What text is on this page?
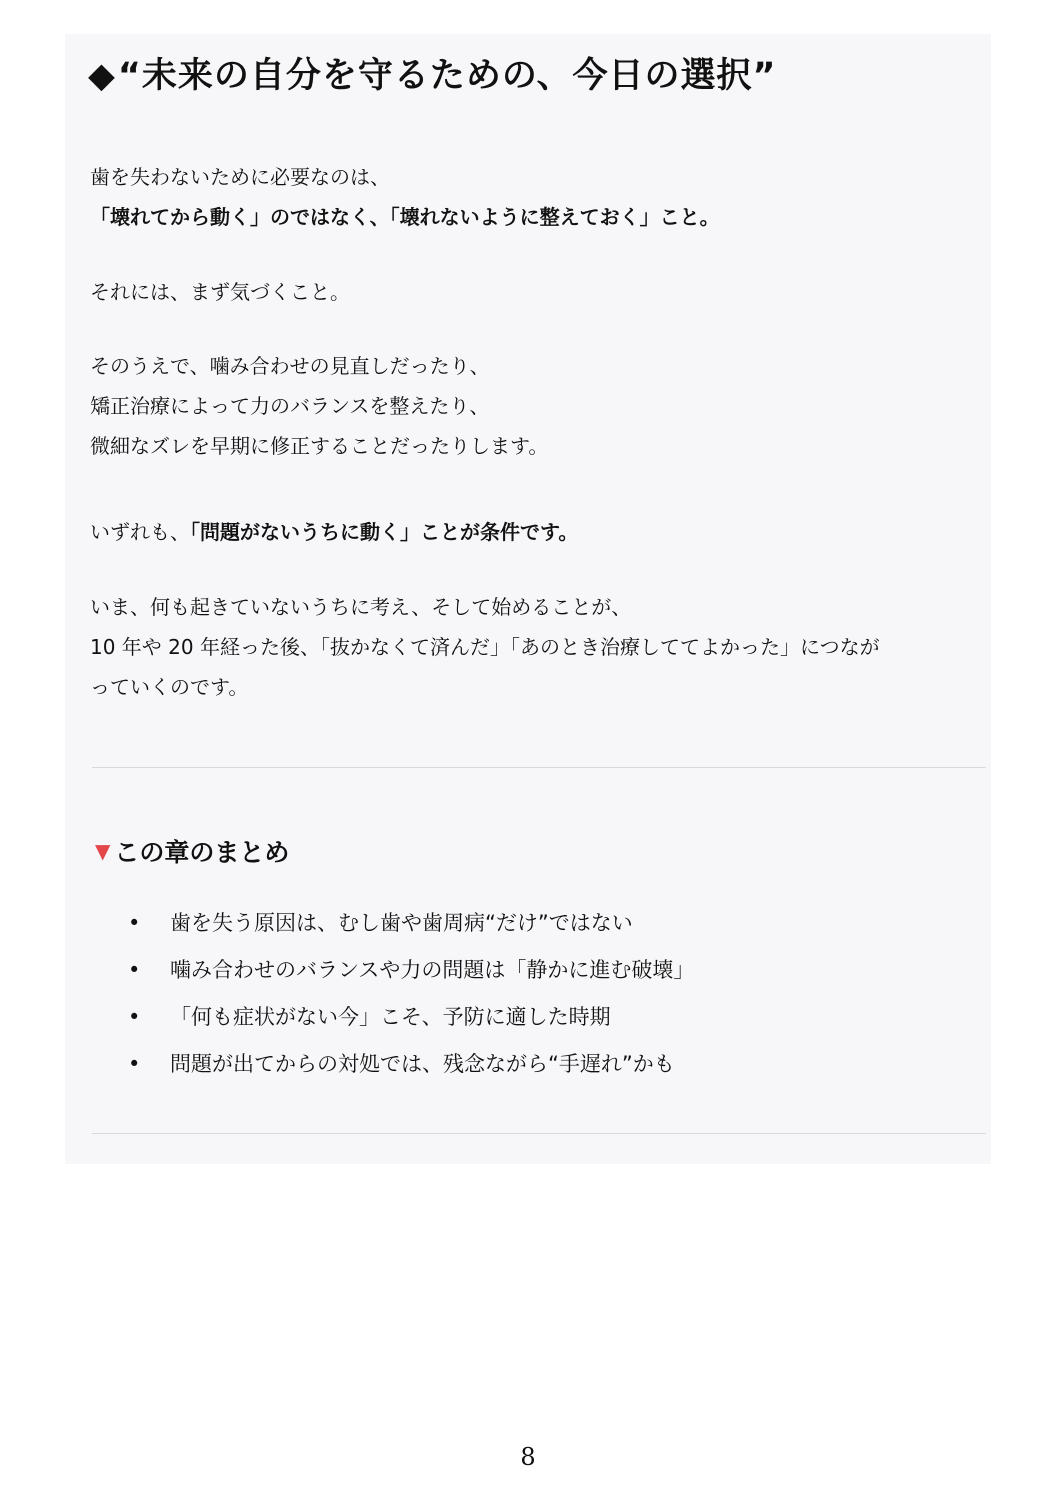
◆“未来の自分を守るための、今日の選択”
歯を失わないために必要なのは、
「壊れてから動く」のではなく、「壊れないように整えておく」こと。
それには、まず気づくこと。
そのうえで、噛み合わせの見直しだったり、
矯正治療によって力のバランスを整えたり、
微細なズレを早期に修正することだったりします。
いずれも、「問題がないうちに動く」ことが条件です。
いま、何も起きていないうちに考え、そして始めることが、
10 年や 20 年経った後、「抜かなくて済んだ」「あのとき治療しててよかった」につなが
っていくのです。
▼ この章のまとめ
• 歯を失う原因は、むし歯や歯周病“だけ”ではない
• 噛み合わせのバランスや力の問題は「静かに進む破壊」
• 「何も症状がない今」こそ、予防に適した時期
• 問題が出てからの対処では、残念ながら“手遅れ”かも
8
